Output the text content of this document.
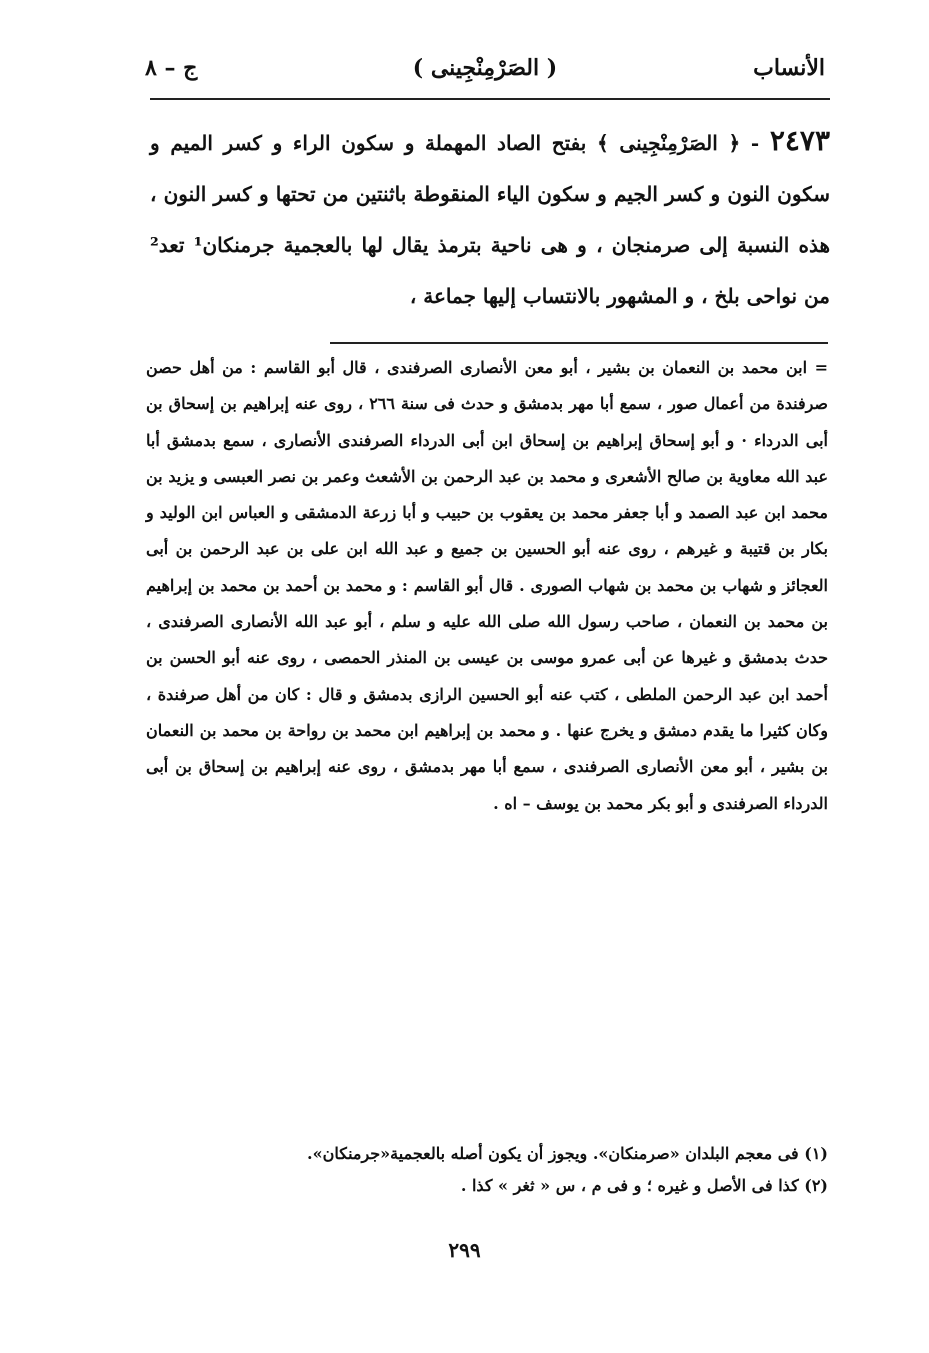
الأنساب
( الصَرْمِنْجِينى )
ج – ٨
٢٤٧٣ - ﴿ الصَرْمِنْجِينى ﴾ بفتح الصاد المهملة و سكون الراء و كسر الميم و سكون النون و كسر الجيم و سكون الياء المنقوطة باثنتين من تحتها و كسر النون ، هذه النسبة إلى صرمنجان ، و هى ناحية بترمذ يقال لها بالعجمية جرمنكان¹ تعد² من نواحى بلخ ، و المشهور بالانتساب إليها جماعة ،
= ابن محمد بن النعمان بن بشير ، أبو معن الأنصارى الصرفندى ، قال أبو القاسم : من أهل حصن صرفندة من أعمال صور ، سمع أبا مهر بدمشق و حدث فى سنة ٢٦٦ ، روى عنه إبراهيم بن إسحاق بن أبى الدرداء · و أبو إسحاق إبراهيم بن إسحاق ابن أبى الدرداء الصرفندى الأنصارى ، سمع بدمشق أبا عبد الله معاوية بن صالح الأشعرى و محمد بن عبد الرحمن بن الأشعث وعمر بن نصر العبسى و يزيد بن محمد ابن عبد الصمد و أبا جعفر محمد بن يعقوب بن حبيب و أبا زرعة الدمشقى و العباس ابن الوليد و بكار بن قتيبة و غيرهم ، روى عنه أبو الحسين بن جميع و عبد الله ابن على بن عبد الرحمن بن أبى العجائز و شهاب بن محمد بن شهاب الصورى . قال أبو القاسم : و محمد بن أحمد بن محمد بن إبراهيم بن محمد بن النعمان ، صاحب رسول الله صلى الله عليه و سلم ، أبو عبد الله الأنصارى الصرفندى ، حدث بدمشق و غيرها عن أبى عمرو موسى بن عيسى بن المنذر الحمصى ، روى عنه أبو الحسن بن أحمد ابن عبد الرحمن الملطى ، كتب عنه أبو الحسين الرازى بدمشق و قال : كان من أهل صرفندة ، وكان كثيرا ما يقدم دمشق و يخرج عنها . و محمد بن إبراهيم ابن محمد بن رواحة بن محمد بن النعمان بن بشير ، أبو معن الأنصارى الصرفندى ، سمع أبا مهر بدمشق ، روى عنه إبراهيم بن إسحاق بن أبى الدرداء الصرفندى و أبو بكر محمد بن يوسف – اه .
(١) فى معجم البلدان «صرمنكان». ويجوز أن يكون أصله بالعجمية«جرمنكان».
(٢) كذا فى الأصل و غيره ؛ و فى م ، س « ثغر » كذا .
٢٩٩
